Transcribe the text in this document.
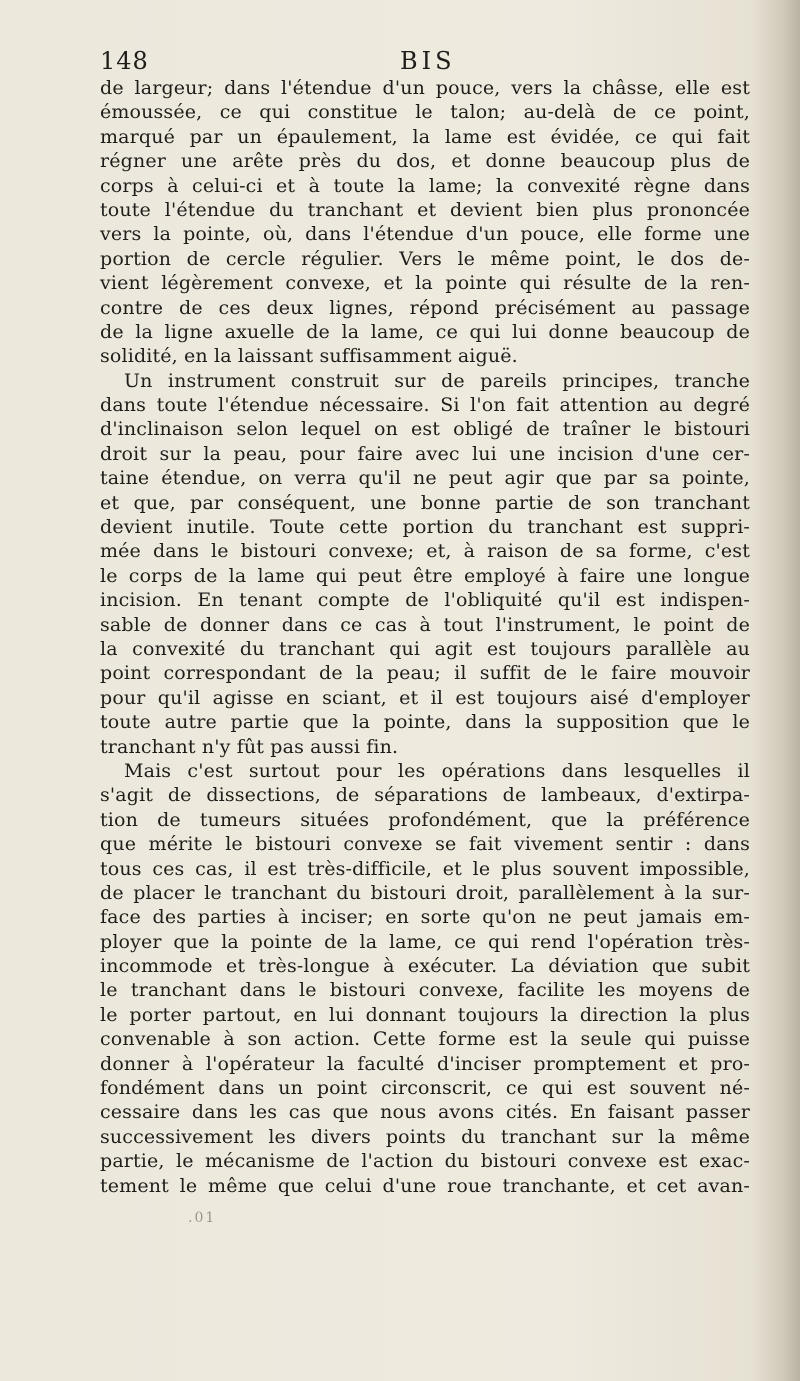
148	BIS
de largeur; dans l'étendue d'un pouce, vers la châsse, elle est
émoussée, ce qui constitue le talon; au-delà de ce point,
marqué par un épaulement, la lame est évidée, ce qui fait
régner une arête près du dos, et donne beaucoup plus de
corps à celui-ci et à toute la lame; la convexité règne dans
toute l'étendue du tranchant et devient bien plus prononcée
vers la pointe, où, dans l'étendue d'un pouce, elle forme une
portion de cercle régulier. Vers le même point, le dos de-
vient légèrement convexe, et la pointe qui résulte de la ren-
contre de ces deux lignes, répond précisément au passage
de la ligne axuelle de la lame, ce qui lui donne beaucoup de
solidité, en la laissant suffisamment aiguë.
Un instrument construit sur de pareils principes, tranche
dans toute l'étendue nécessaire. Si l'on fait attention au degré
d'inclinaison selon lequel on est obligé de traîner le bistouri
droit sur la peau, pour faire avec lui une incision d'une cer-
taine étendue, on verra qu'il ne peut agir que par sa pointe,
et que, par conséquent, une bonne partie de son tranchant
devient inutile. Toute cette portion du tranchant est suppri-
mée dans le bistouri convexe; et, à raison de sa forme, c'est
le corps de la lame qui peut être employé à faire une longue
incision. En tenant compte de l'obliquité qu'il est indispen-
sable de donner dans ce cas à tout l'instrument, le point de
la convexité du tranchant qui agit est toujours parallèle au
point correspondant de la peau; il suffit de le faire mouvoir
pour qu'il agisse en sciant, et il est toujours aisé d'employer
toute autre partie que la pointe, dans la supposition que le
tranchant n'y fût pas aussi fin.
Mais c'est surtout pour les opérations dans lesquelles il
s'agit de dissections, de séparations de lambeaux, d'extirpa-
tion de tumeurs situées profondément, que la préférence
que mérite le bistouri convexe se fait vivement sentir : dans
tous ces cas, il est très-difficile, et le plus souvent impossible,
de placer le tranchant du bistouri droit, parallèlement à la sur-
face des parties à inciser; en sorte qu'on ne peut jamais em-
ployer que la pointe de la lame, ce qui rend l'opération très-
incommode et très-longue à exécuter. La déviation que subit
le tranchant dans le bistouri convexe, facilite les moyens de
le porter partout, en lui donnant toujours la direction la plus
convenable à son action. Cette forme est la seule qui puisse
donner à l'opérateur la faculté d'inciser promptement et pro-
fondément dans un point circonscrit, ce qui est souvent né-
cessaire dans les cas que nous avons cités. En faisant passer
successivement les divers points du tranchant sur la même
partie, le mécanisme de l'action du bistouri convexe est exac-
tement le même que celui d'une roue tranchante, et cet avan-
.01
